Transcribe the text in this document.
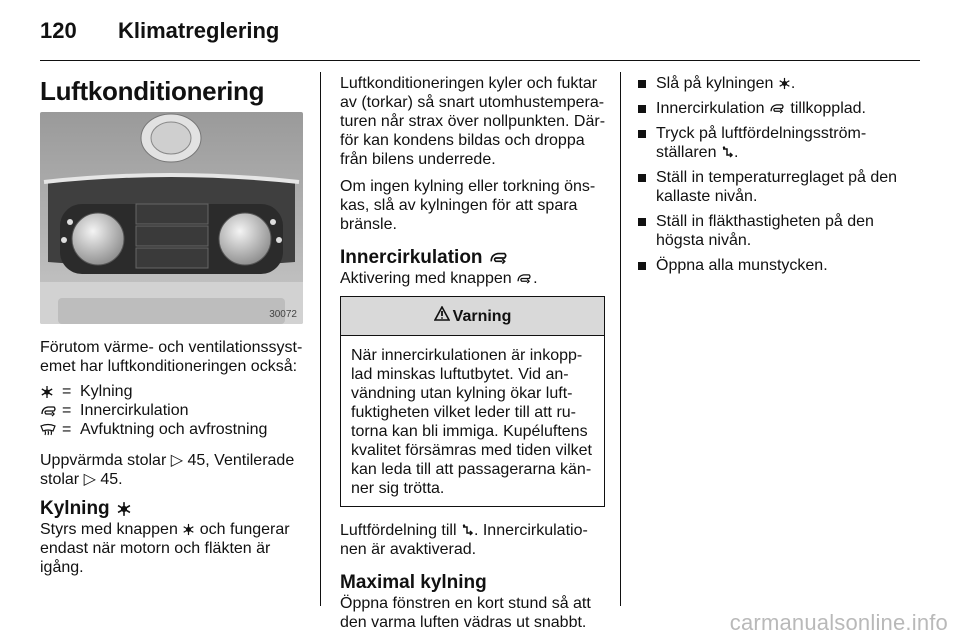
120	Klimatreglering
Luftkonditionering
30072

Förutom värme- och ventilationssyst-
emet har luftkonditioneringen också:

= Kylning
= Innercirkulation
= Avfuktning och avfrostning

Uppvärmda stolar ▷ 45, Ventilerade
stolar ▷ 45.

Kylning

Styrs med knappen och fungerar
endast när motorn och fläkten är
igång.

Luftkonditioneringen kyler och fuktar
av (torkar) så snart utomhustempera-
turen når strax över nollpunkten. Där-
för kan kondens bildas och droppa
från bilens underrede.

Om ingen kylning eller torkning öns-
kas, slå av kylningen för att spara
bränsle.

Innercirkulation

Aktivering med knappen .

Varning
När innercirkulationen är inkopp-
lad minskas luftutbytet. Vid an-
vändning utan kylning ökar luft-
fuktigheten vilket leder till att ru-
torna kan bli immiga. Kupéluftens
kvalitet försämras med tiden vilket
kan leda till att passagerarna kän-
ner sig trötta.

Luftfördelning till . Innercirkulatio-
nen är avaktiverad.

Maximal kylning

Öppna fönstren en kort stund så att
den varma luften vädras ut snabbt.

Slå på kylningen .
Innercirkulation  tillkopplad.
Tryck på luftfördelningsström-
ställaren .
Ställ in temperaturreglaget på den
kallaste nivån.
Ställ in fläkthastigheten på den
högsta nivån.
Öppna alla munstycken.
carmanualsonline.info
